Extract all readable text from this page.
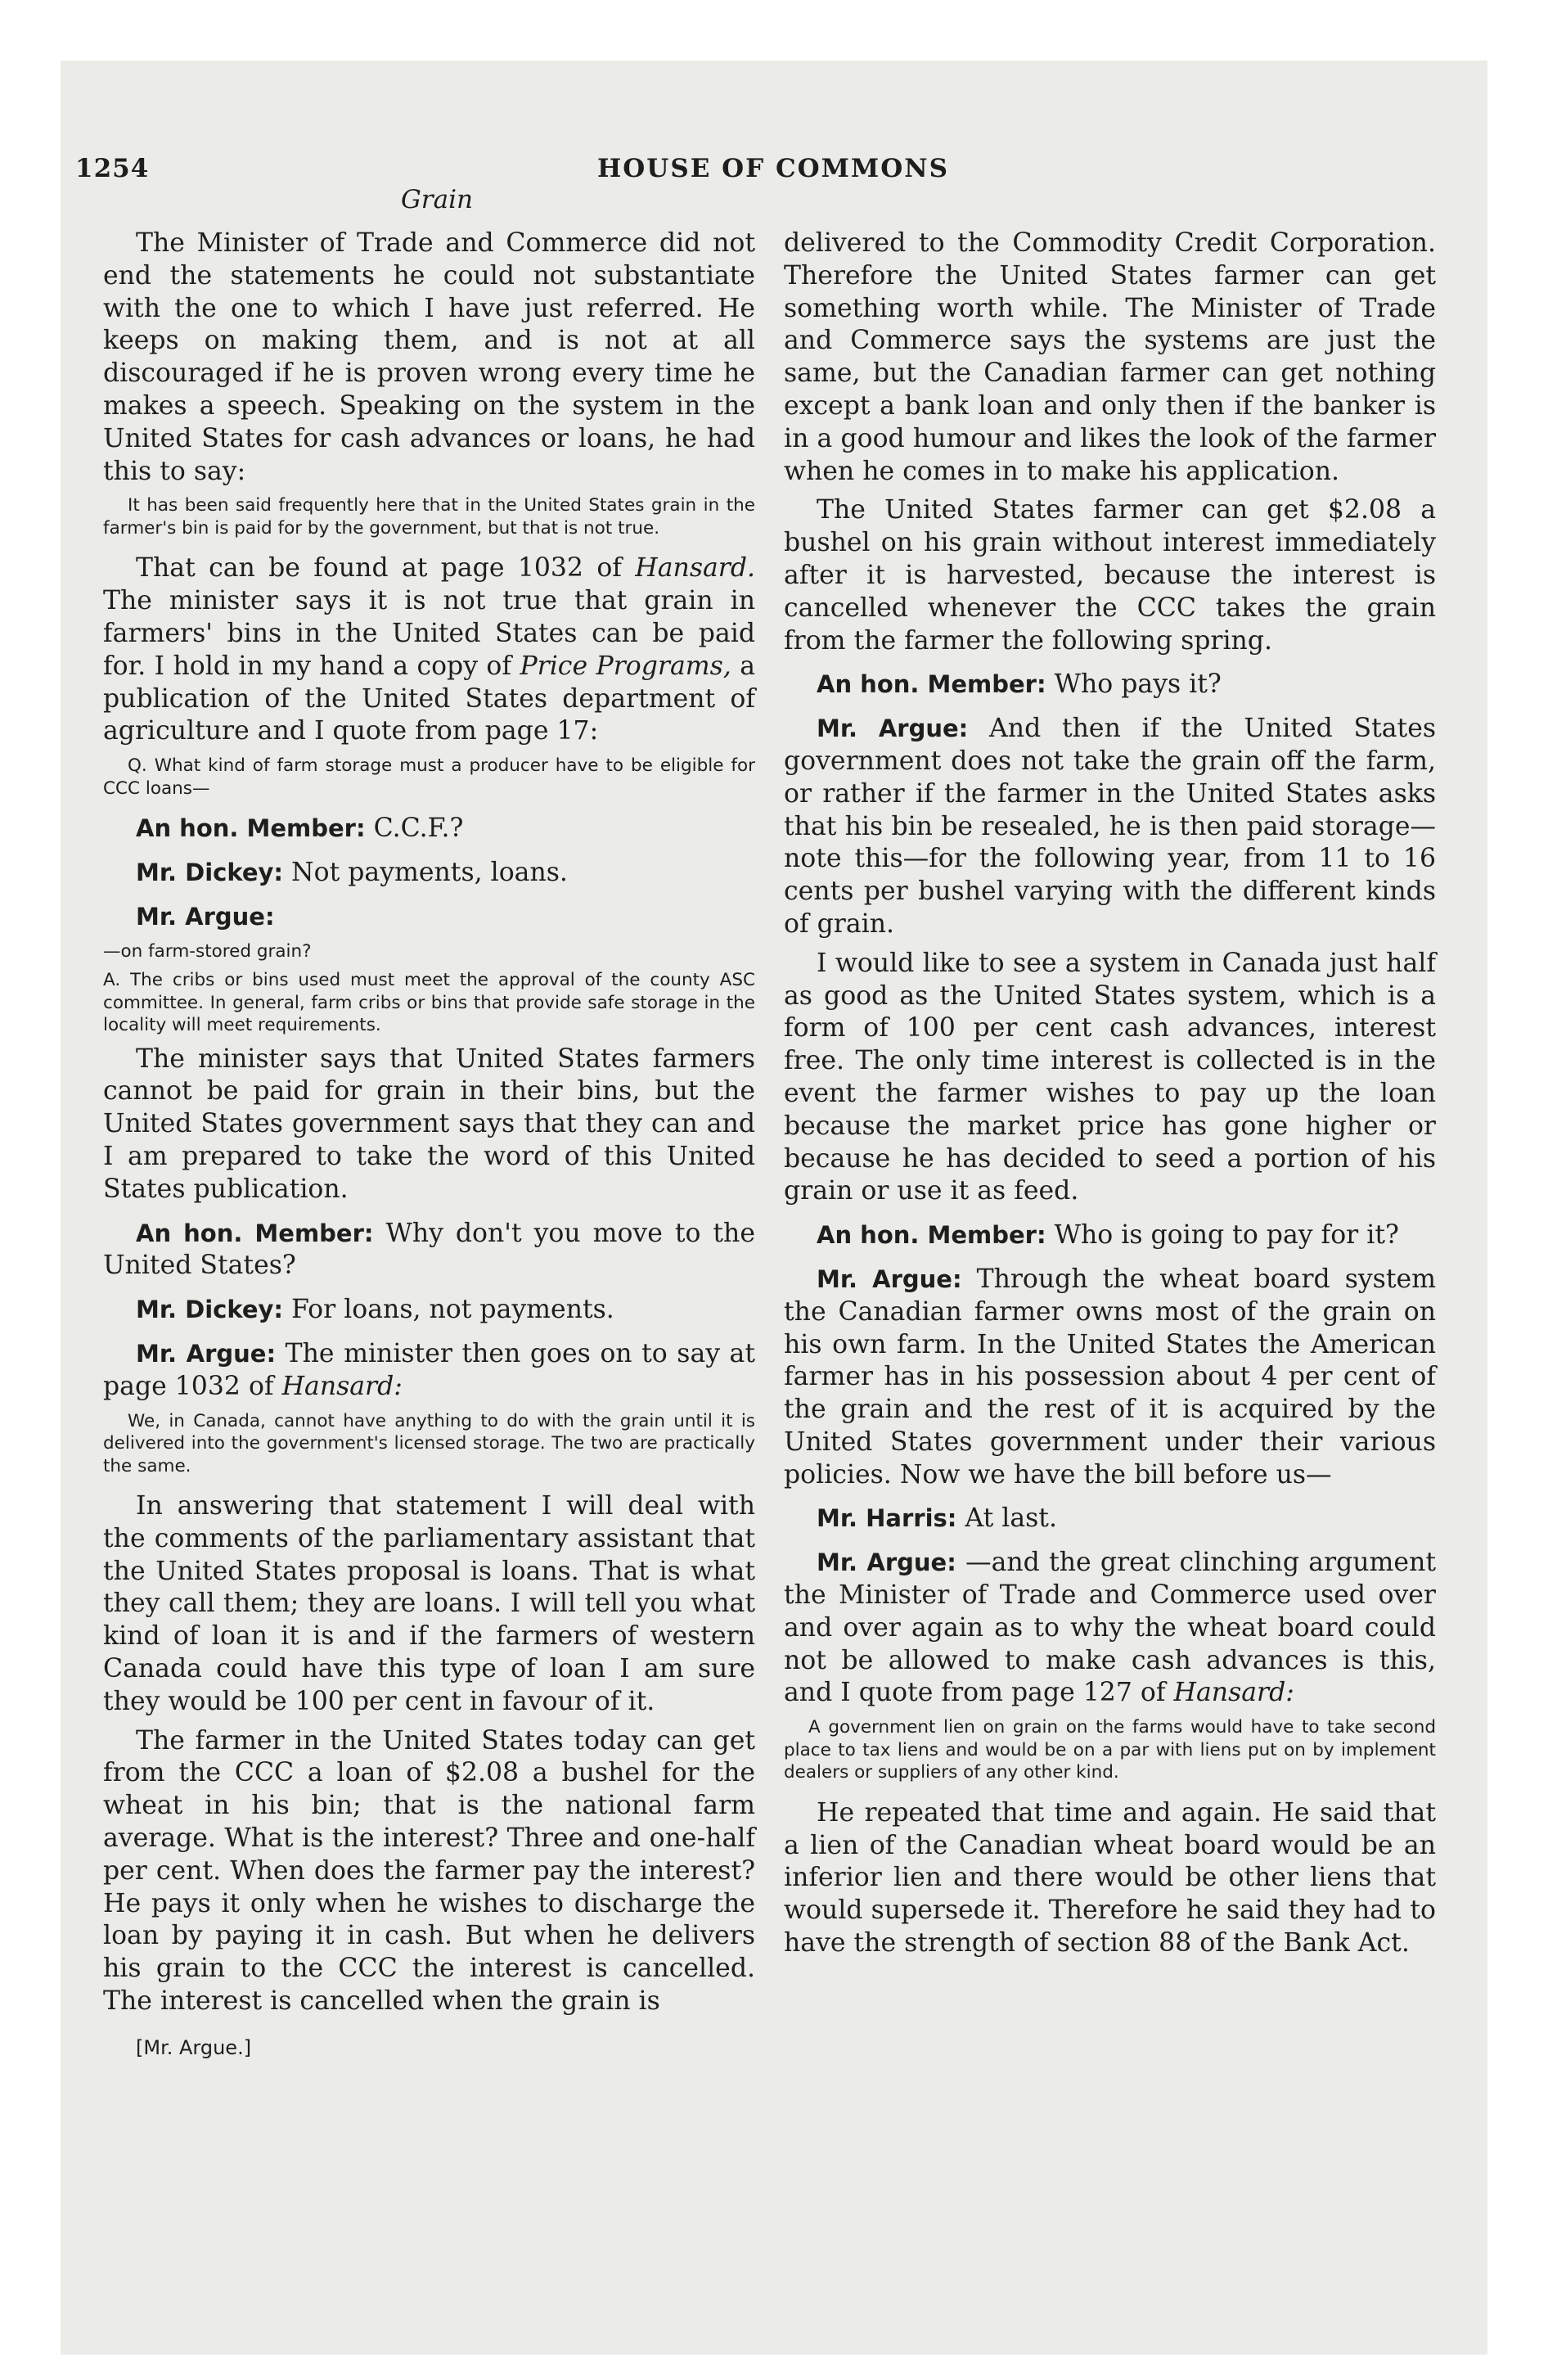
1254	HOUSE OF COMMONS
Grain

The Minister of Trade and Commerce did not end the statements he could not substantiate with the one to which I have just referred. He keeps on making them, and is not at all discouraged if he is proven wrong every time he makes a speech. Speaking on the system in the United States for cash advances or loans, he had this to say:

It has been said frequently here that in the United States grain in the farmer's bin is paid for by the government, but that is not true.

That can be found at page 1032 of Hansard. The minister says it is not true that grain in farmers' bins in the United States can be paid for. I hold in my hand a copy of Price Programs, a publication of the United States department of agriculture and I quote from page 17:

Q. What kind of farm storage must a producer have to be eligible for CCC loans—

An hon. Member: C.C.F.?

Mr. Dickey: Not payments, loans.

Mr. Argue:

—on farm-stored grain?

A. The cribs or bins used must meet the approval of the county ASC committee. In general, farm cribs or bins that provide safe storage in the locality will meet requirements.

The minister says that United States farmers cannot be paid for grain in their bins, but the United States government says that they can and I am prepared to take the word of this United States publication.

An hon. Member: Why don't you move to the United States?

Mr. Dickey: For loans, not payments.

Mr. Argue: The minister then goes on to say at page 1032 of Hansard:

We, in Canada, cannot have anything to do with the grain until it is delivered into the government's licensed storage. The two are practically the same.

In answering that statement I will deal with the comments of the parliamentary assistant that the United States proposal is loans. That is what they call them; they are loans. I will tell you what kind of loan it is and if the farmers of western Canada could have this type of loan I am sure they would be 100 per cent in favour of it.

The farmer in the United States today can get from the CCC a loan of $2.08 a bushel for the wheat in his bin; that is the national farm average. What is the interest? Three and one-half per cent. When does the farmer pay the interest? He pays it only when he wishes to discharge the loan by paying it in cash. But when he delivers his grain to the CCC the interest is cancelled. The interest is cancelled when the grain is

[Mr. Argue.]

delivered to the Commodity Credit Corporation. Therefore the United States farmer can get something worth while. The Minister of Trade and Commerce says the systems are just the same, but the Canadian farmer can get nothing except a bank loan and only then if the banker is in a good humour and likes the look of the farmer when he comes in to make his application.

The United States farmer can get $2.08 a bushel on his grain without interest immediately after it is harvested, because the interest is cancelled whenever the CCC takes the grain from the farmer the following spring.

An hon. Member: Who pays it?

Mr. Argue: And then if the United States government does not take the grain off the farm, or rather if the farmer in the United States asks that his bin be resealed, he is then paid storage—note this—for the following year, from 11 to 16 cents per bushel varying with the different kinds of grain.

I would like to see a system in Canada just half as good as the United States system, which is a form of 100 per cent cash advances, interest free. The only time interest is collected is in the event the farmer wishes to pay up the loan because the market price has gone higher or because he has decided to seed a portion of his grain or use it as feed.

An hon. Member: Who is going to pay for it?

Mr. Argue: Through the wheat board system the Canadian farmer owns most of the grain on his own farm. In the United States the American farmer has in his possession about 4 per cent of the grain and the rest of it is acquired by the United States government under their various policies. Now we have the bill before us—

Mr. Harris: At last.

Mr. Argue: —and the great clinching argument the Minister of Trade and Commerce used over and over again as to why the wheat board could not be allowed to make cash advances is this, and I quote from page 127 of Hansard:

A government lien on grain on the farms would have to take second place to tax liens and would be on a par with liens put on by implement dealers or suppliers of any other kind.

He repeated that time and again. He said that a lien of the Canadian wheat board would be an inferior lien and there would be other liens that would supersede it. Therefore he said they had to have the strength of section 88 of the Bank Act.
